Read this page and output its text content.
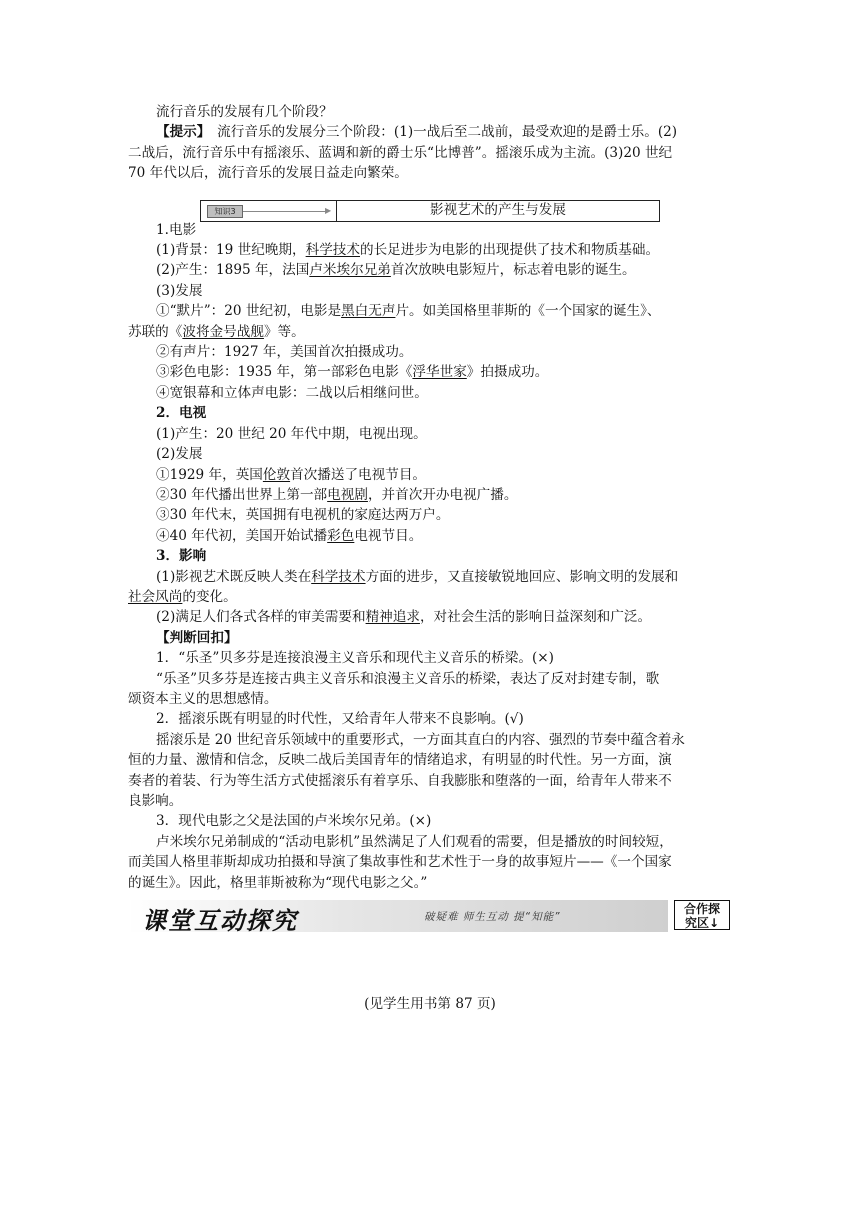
流行音乐的发展有几个阶段？

【提示】　流行音乐的发展分三个阶段：(1)一战后至二战前，最受欢迎的是爵士乐。(2)

二战后，流行音乐中有摇滚乐、蓝调和新的爵士乐“比博普”。摇滚乐成为主流。(3)20 世纪

70 年代以后，流行音乐的发展日益走向繁荣。

1.电影

(1)背景：19 世纪晚期，科学技术的长足进步为电影的出现提供了技术和物质基础。

(2)产生：1895 年，法国卢米埃尔兄弟首次放映电影短片，标志着电影的诞生。

(3)发展

①“默片”：20 世纪初，电影是黑白无声片。如美国格里菲斯的《一个国家的诞生》、

苏联的《波将金号战舰》等。

②有声片：1927 年，美国首次拍摄成功。

③彩色电影：1935 年，第一部彩色电影《浮华世家》拍摄成功。

④宽银幕和立体声电影：二战以后相继问世。

2．电视

(1)产生：20 世纪 20 年代中期，电视出现。

(2)发展

①1929 年，英国伦敦首次播送了电视节目。

②30 年代播出世界上第一部电视剧，并首次开办电视广播。

③30 年代末，英国拥有电视机的家庭达两万户。

④40 年代初，美国开始试播彩色电视节目。

3．影响

(1)影视艺术既反映人类在科学技术方面的进步，又直接敏锐地回应、影响文明的发展和

社会风尚的变化。

(2)满足人们各式各样的审美需要和精神追求，对社会生活的影响日益深刻和广泛。

【判断回扣】

1．“乐圣”贝多芬是连接浪漫主义音乐和现代主义音乐的桥梁。(×)

“乐圣”贝多芬是连接古典主义音乐和浪漫主义音乐的桥梁，表达了反对封建专制，歌

颂资本主义的思想感情。

2．摇滚乐既有明显的时代性，又给青年人带来不良影响。(√)

摇滚乐是 20 世纪音乐领域中的重要形式，一方面其直白的内容、强烈的节奏中蕴含着永

恒的力量、激情和信念，反映二战后美国青年的情绪追求，有明显的时代性。另一方面，演

奏者的着装、行为等生活方式使摇滚乐有着享乐、自我膨胀和堕落的一面，给青年人带来不

良影响。

3．现代电影之父是法国的卢米埃尔兄弟。(×)

卢米埃尔兄弟制成的“活动电影机”虽然满足了人们观看的需要，但是播放的时间较短，

而美国人格里菲斯却成功拍摄和导演了集故事性和艺术性于一身的故事短片——《一个国家

的诞生》。因此，格里菲斯被称为“现代电影之父。”

知识3	▶	影视艺术的产生与发展
课堂互动探究	破疑难 师生互动 提“知能”
合作探
究区↓
(见学生用书第 87 页)
